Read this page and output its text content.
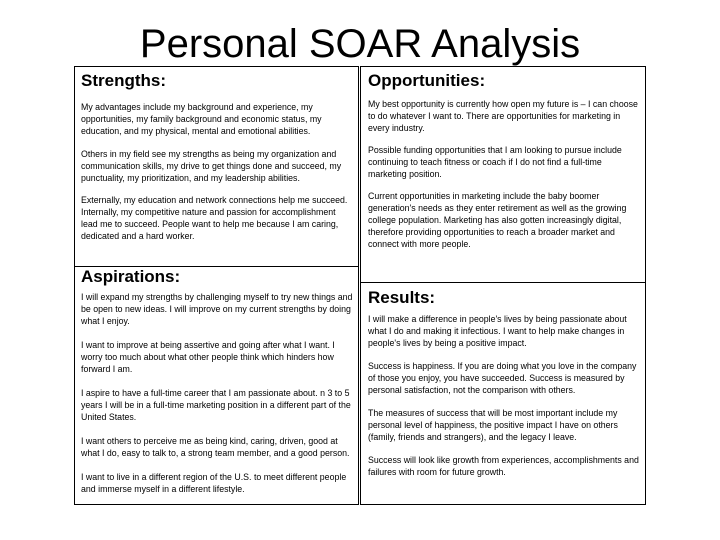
Personal SOAR Analysis
Strengths:

My advantages include my background and experience, my opportunities, my family background and economic status, my education, and my physical, mental and emotional abilities.

Others in my field see my strengths as being my organization and communication skills, my drive to get things done and succeed, my punctuality, my prioritization, and my leadership abilities.

Externally, my education and network connections help me succeed. Internally, my competitive nature and passion for accomplishment lead me to succeed. People want to help me because I am caring, dedicated and a hard worker.

Opportunities:

My best opportunity is currently how open my future is – I can choose to do whatever I want to. There are opportunities for marketing in every industry.

Possible funding opportunities that I am looking to pursue include continuing to teach fitness or coach if I do not find a full-time marketing position.

Current opportunities in marketing include the baby boomer generation's needs as they enter retirement as well as the growing college population. Marketing has also gotten increasingly digital, therefore providing opportunities to reach a broader market and connect with more people.

Aspirations:

I will expand my strengths by challenging myself to try new things and be open to new ideas. I will improve on my current strengths by doing what I enjoy.

I want to improve at being assertive and going after what I want. I worry too much about what other people think which hinders how forward I am.

I aspire to have a full-time career that I am passionate about. n 3 to 5 years I will be in a full-time marketing position in a different part of the United States.

I want others to perceive me as being kind, caring, driven, good at what I do, easy to talk to, a strong team member, and a good person.

I want to live in a different region of the U.S. to meet different people and immerse myself in a different lifestyle.

Results:

I will make a difference in people's lives by being passionate about what I do and making it infectious. I want to help make changes in people's lives by being a positive impact.

Success is happiness. If you are doing what you love in the company of those you enjoy, you have succeeded. Success is measured by personal satisfaction, not the comparison with others.

The measures of success that will be most important include my personal level of happiness, the positive impact I have on others (family, friends and strangers), and the legacy I leave.

Success will look like growth from experiences, accomplishments and failures with room for future growth.
